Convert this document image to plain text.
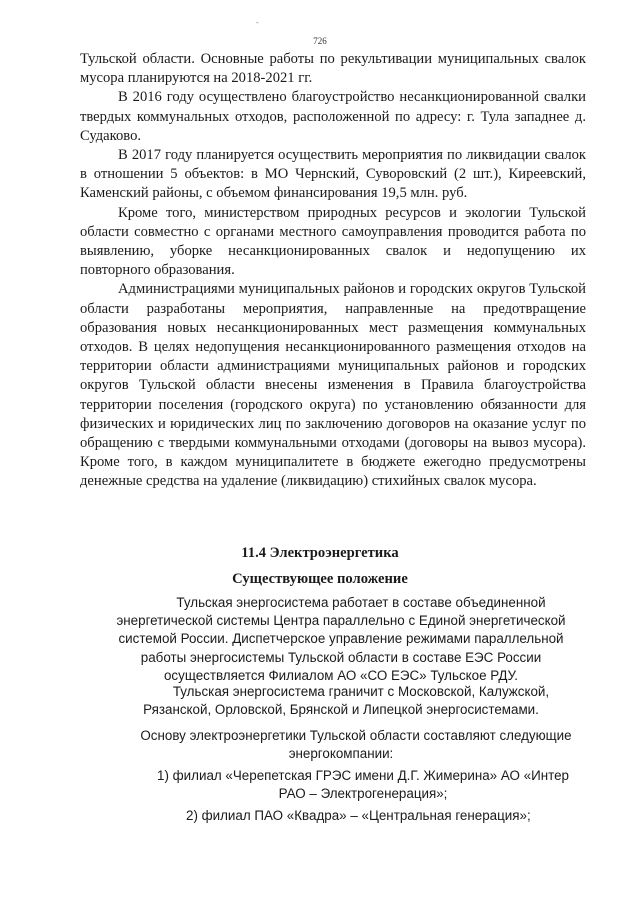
-
726

Тульской области. Основные работы по рекультивации муниципальных свалок мусора планируются на 2018-2021 гг.

В 2016 году осуществлено благоустройство несанкционированной свалки твердых коммунальных отходов, расположенной по адресу: г. Тула западнее д. Судаково.

В 2017 году планируется осуществить мероприятия по ликвидации свалок в отношении 5 объектов: в МО Чернский, Суворовский (2 шт.), Киреевский, Каменский районы, с объемом финансирования 19,5 млн. руб.

Кроме того, министерством природных ресурсов и экологии Тульской области совместно с органами местного самоуправления проводится работа по выявлению, уборке несанкционированных свалок и недопущению их повторного образования.

Администрациями муниципальных районов и городских округов Тульской области разработаны мероприятия, направленные на предотвращение образования новых несанкционированных мест размещения коммунальных отходов. В целях недопущения несанкционированного размещения отходов на территории области администрациями муниципальных районов и городских округов Тульской области внесены изменения в Правила благоустройства территории поселения (городского округа) по установлению обязанности для физических и юридических лиц по заключению договоров на оказание услуг по обращению с твердыми коммунальными отходами (договоры на вывоз мусора). Кроме того, в каждом муниципалитете в бюджете ежегодно предусмотрены денежные средства на удаление (ликвидацию) стихийных свалок мусора.

11.4 Электроэнергетика
Существующее положение
Тульская энергосистема работает в составе объединенной
энергетической системы Центра параллельно с Единой энергетической
системой России. Диспетчерское управление режимами параллельной
работы энергосистемы Тульской области в составе ЕЭС России
осуществляется Филиалом АО «СО ЕЭС» Тульское РДУ.
Тульская энергосистема граничит с Московской, Калужской,
Рязанской, Орловской, Брянской и Липецкой энергосистемами.
Основу электроэнергетики Тульской области составляют следующие
энергокомпании:
1) филиал «Черепетская ГРЭС имени Д.Г. Жимерина» АО «Интер
РАО – Электрогенерация»;
2) филиал ПАО «Квадра» – «Центральная генерация»;
